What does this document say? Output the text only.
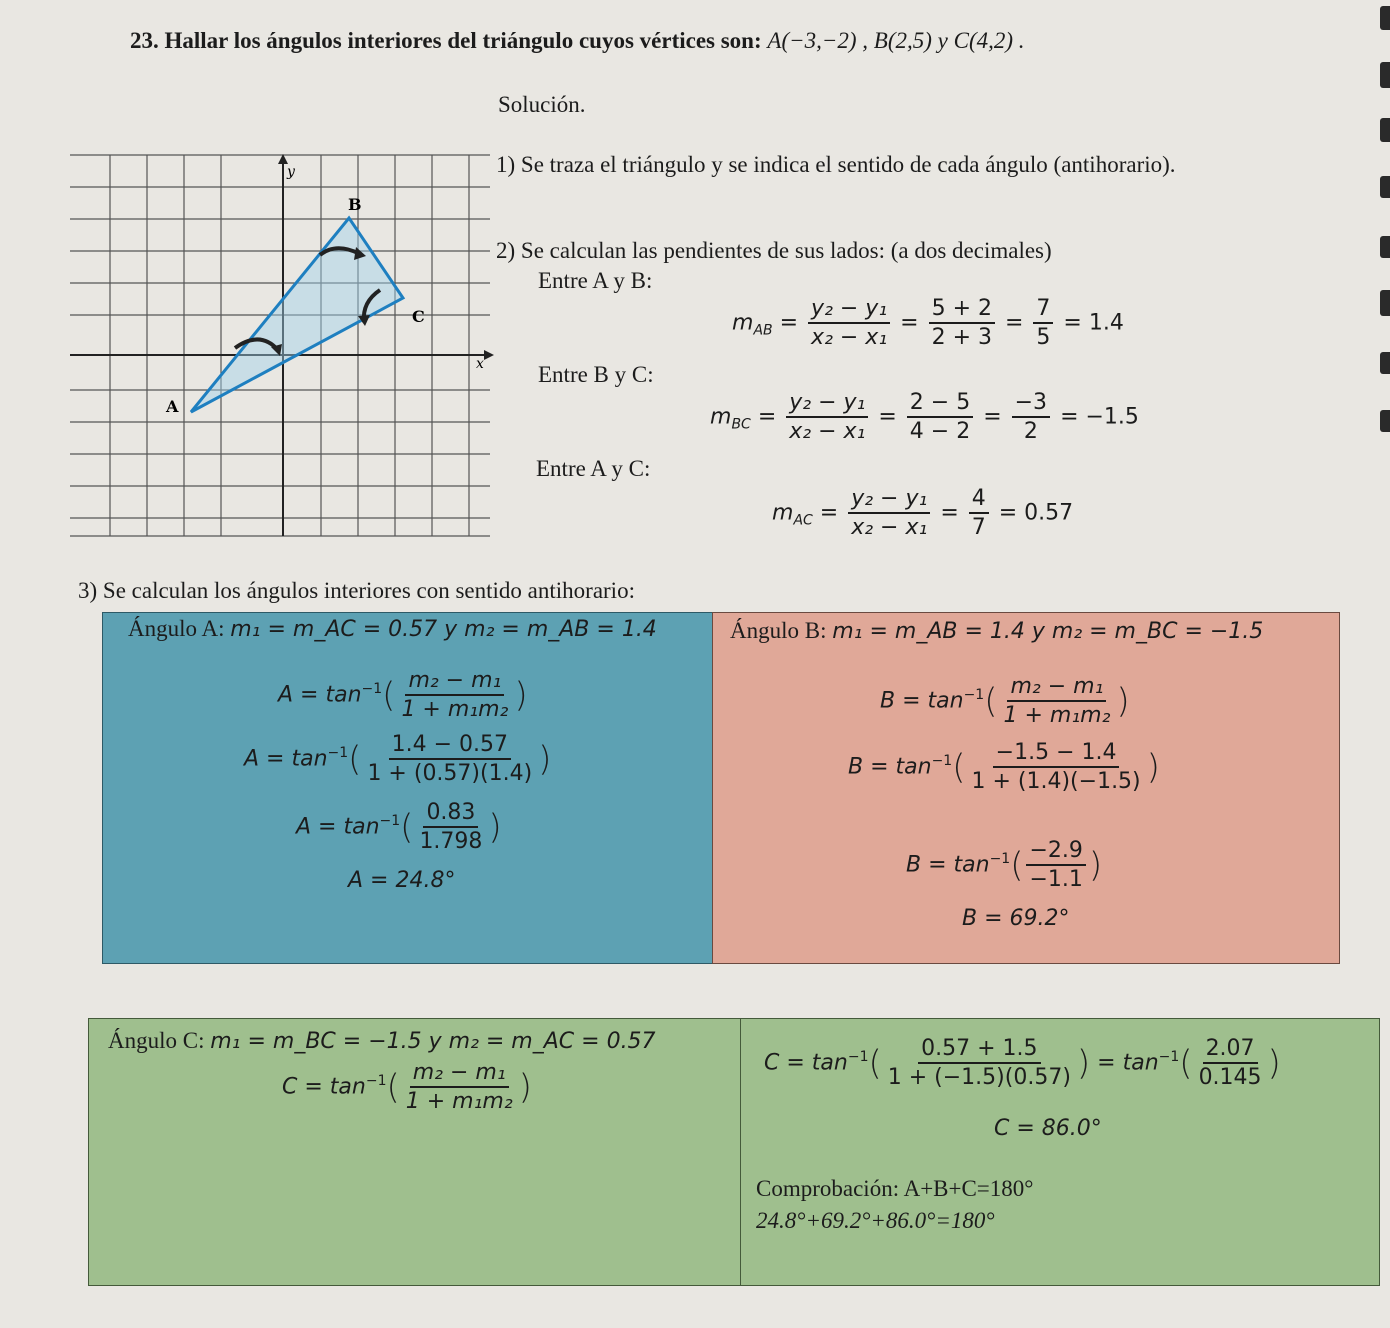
23. Hallar los ángulos interiores del triángulo cuyos vértices son: A(−3,−2) , B(2,5) y C(4,2) .
Solución.
B
C
A
x
y	1) Se traza el triángulo y se indica el sentido de cada ángulo (antihorario).
2) Se calculan las pendientes de sus lados: (a dos decimales)
Entre A y B:
$m_{AB} = \frac{\text{y₂ − y₁}}{\text{x₂ − x₁}} = \frac{5 + 2}{2 + 3} = \frac{7}{5} = 1.4$
Entre B y C:
$m_{BC} = \frac{\text{y₂ − y₁}}{\text{x₂ − x₁}} = \frac{2 - 5}{4 - 2} = \frac{-3}{2} = -1.5$
Entre A y C:
$m_{AC} = \frac{\text{y₂ − y₁}}{\text{x₂ − x₁}} = \frac{4}{7} = 0.57$
3) Se calculan los ángulos interiores con sentido antihorario:
Ángulo A: m₁ = m_AC = 0.57 y m₂ = m_AB = 1.4
$A = \tan^{-1}( \frac{\text{m₂ − m₁}}{\text{1 + m₁m₂}}$ )
$A = \tan^{-1}( \frac{1.4 - 0.57}{1 + (0.57)(1.4)}$ )
$A = \tan^{-1}( \frac{0.83}{1.798}$ )
A = 24.8°
Ángulo B: m₁ = m_AB = 1.4 y m₂ = m_BC = −1.5
$B = \tan^{-1}( \frac{\text{m₂ − m₁}}{\text{1 + m₁m₂}}$ )
$B = \tan^{-1}( \frac{-1.5 - 1.4}{1 + (1.4)(-1.5)}$ )
$B = \tan^{-1}( \frac{-2.9}{-1.1}$ )
B = 69.2°
Ángulo C: m₁ = m_BC = −1.5 y m₂ = m_AC = 0.57
$C = \tan^{-1}( \frac{\text{m₂ − m₁}}{\text{1 + m₁m₂}}$ )
$C = \tan^{-1}( \frac{0.57 + 1.5}{1 + (-1.5)(0.57)}$ ) = $\tan^{-1}( \frac{2.07}{0.145}$ )
C = 86.0°
Comprobación: A+B+C=180°
24.8°+69.2°+86.0°=180°
